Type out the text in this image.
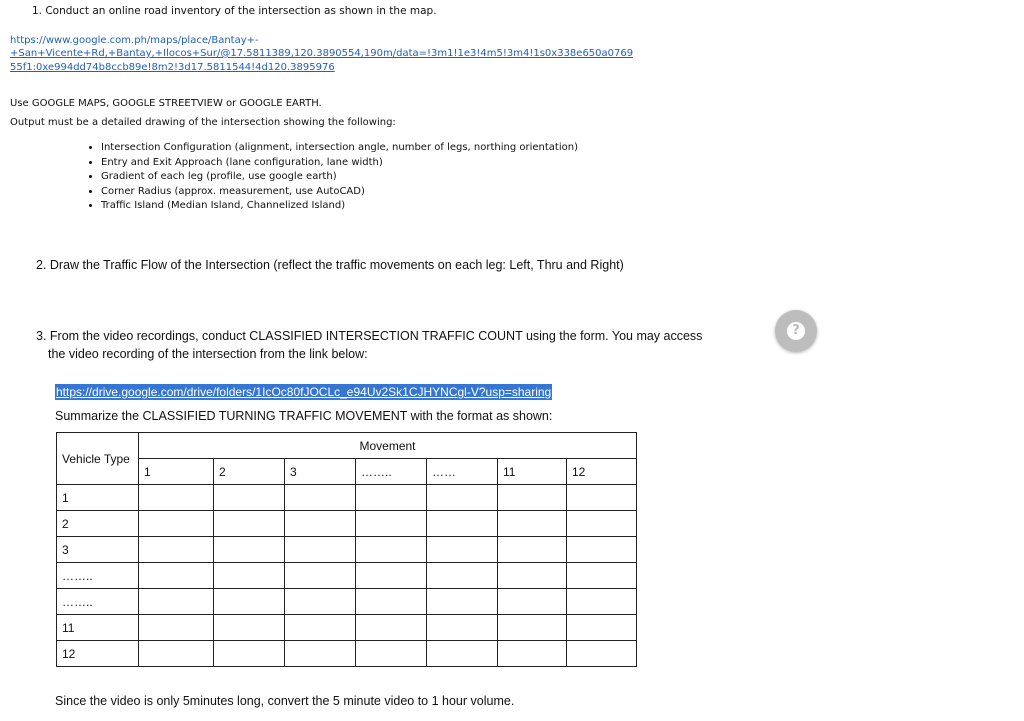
1. Conduct an online road inventory of the intersection as shown in the map.
https://www.google.com.ph/maps/place/Bantay+-
+San+Vicente+Rd,+Bantay,+Ilocos+Sur/@17.5811389,120.3890554,190m/data=!3m1!1e3!4m5!3m4!1s0x338e650a0769
55f1:0xe994dd74b8ccb89e!8m2!3d17.5811544!4d120.3895976
Use GOOGLE MAPS, GOOGLE STREETVIEW or GOOGLE EARTH.
Output must be a detailed drawing of the intersection showing the following:
• Intersection Configuration (alignment, intersection angle, number of legs, northing orientation)
• Entry and Exit Approach (lane configuration, lane width)
• Gradient of each leg (profile, use google earth)
• Corner Radius (approx. measurement, use AutoCAD)
• Traffic Island (Median Island, Channelized Island)
2. Draw the Traffic Flow of the Intersection (reflect the traffic movements on each leg: Left, Thru and Right)
3. From the video recordings, conduct CLASSIFIED INTERSECTION TRAFFIC COUNT using the form. You may access
the video recording of the intersection from the link below:
?
https://drive.google.com/drive/folders/1IcOc80fJOCLc_e94Uv2Sk1CJHYNCgl-V?usp=sharing
Summarize the CLASSIFIED TURNING TRAFFIC MOVEMENT with the format as shown:
Vehicle Type	Movement						
	1	2	3	……..	……	11	12
1							
2							
3							
……..							
……..							
11							
12							
Since the video is only 5minutes long, convert the 5 minute video to 1 hour volume.
